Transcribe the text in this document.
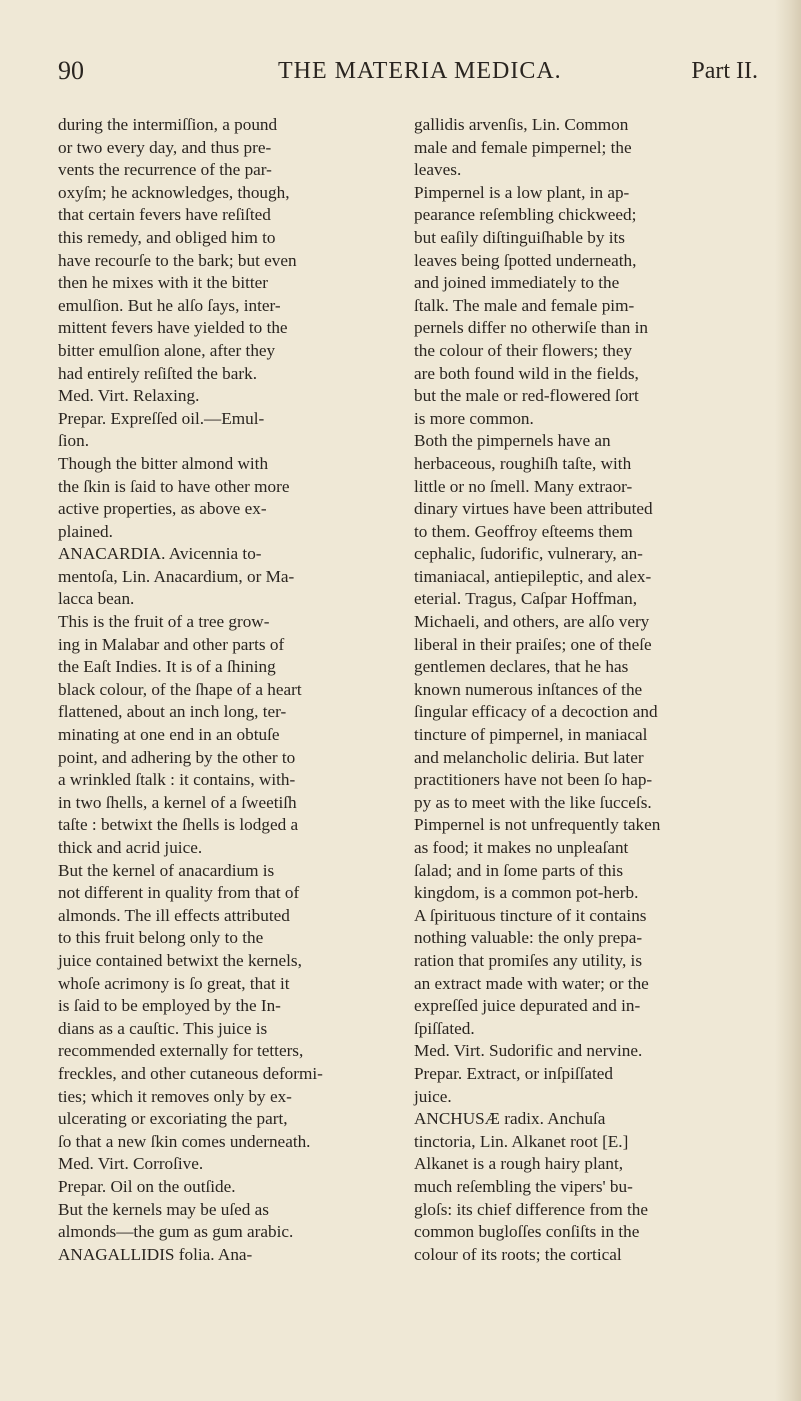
90	THE MATERIA MEDICA.	Part II.

during the intermiſſion, a pound

or two every day, and thus pre-

vents the recurrence of the par-

oxyſm; he acknowledges, though,

that certain fevers have reſiſted

this remedy, and obliged him to

have recourſe to the bark; but even

then he mixes with it the bitter

emulſion. But he alſo ſays, inter-

mittent fevers have yielded to the

bitter emulſion alone, after they

had entirely reſiſted the bark.

Med. Virt. Relaxing.

Prepar. Expreſſed oil.—Emul-

ſion.

Though the bitter almond with

the ſkin is ſaid to have other more

active properties, as above ex-

plained.

ANACARDIA. Avicennia to-

mentoſa, Lin. Anacardium, or Ma-

lacca bean.

This is the fruit of a tree grow-

ing in Malabar and other parts of

the Eaſt Indies. It is of a ſhining

black colour, of the ſhape of a heart

flattened, about an inch long, ter-

minating at one end in an obtuſe

point, and adhering by the other to

a wrinkled ſtalk : it contains, with-

in two ſhells, a kernel of a ſweetiſh

taſte : betwixt the ſhells is lodged a

thick and acrid juice.

But the kernel of anacardium is

not different in quality from that of

almonds. The ill effects attributed

to this fruit belong only to the

juice contained betwixt the kernels,

whoſe acrimony is ſo great, that it

is ſaid to be employed by the In-

dians as a cauſtic. This juice is

recommended externally for tetters,

freckles, and other cutaneous deformi-

ties; which it removes only by ex-

ulcerating or excoriating the part,

ſo that a new ſkin comes underneath.

Med. Virt. Corroſive.

Prepar. Oil on the outſide.

But the kernels may be uſed as

almonds—the gum as gum arabic.

ANAGALLIDIS folia. Ana-

gallidis arvenſis, Lin. Common

male and female pimpernel; the

leaves.

Pimpernel is a low plant, in ap-

pearance reſembling chickweed;

but eaſily diſtinguiſhable by its

leaves being ſpotted underneath,

and joined immediately to the

ſtalk. The male and female pim-

pernels differ no otherwiſe than in

the colour of their flowers; they

are both found wild in the fields,

but the male or red-flowered ſort

is more common.

Both the pimpernels have an

herbaceous, roughiſh taſte, with

little or no ſmell. Many extraor-

dinary virtues have been attributed

to them. Geoffroy eſteems them

cephalic, ſudorific, vulnerary, an-

timaniacal, antiepileptic, and alex-

eterial. Tragus, Caſpar Hoffman,

Michaeli, and others, are alſo very

liberal in their praiſes; one of theſe

gentlemen declares, that he has

known numerous inſtances of the

ſingular efficacy of a decoction and

tincture of pimpernel, in maniacal

and melancholic deliria. But later

practitioners have not been ſo hap-

py as to meet with the like ſucceſs.

Pimpernel is not unfrequently taken

as food; it makes no unpleaſant

ſalad; and in ſome parts of this

kingdom, is a common pot-herb.

A ſpirituous tincture of it contains

nothing valuable: the only prepa-

ration that promiſes any utility, is

an extract made with water; or the

expreſſed juice depurated and in-

ſpiſſated.

Med. Virt. Sudorific and nervine.

Prepar. Extract, or inſpiſſated

juice.

ANCHUSÆ radix. Anchuſa

tinctoria, Lin. Alkanet root [E.]

Alkanet is a rough hairy plant,

much reſembling the vipers' bu-

gloſs: its chief difference from the

common bugloſſes conſiſts in the

colour of its roots; the cortical
